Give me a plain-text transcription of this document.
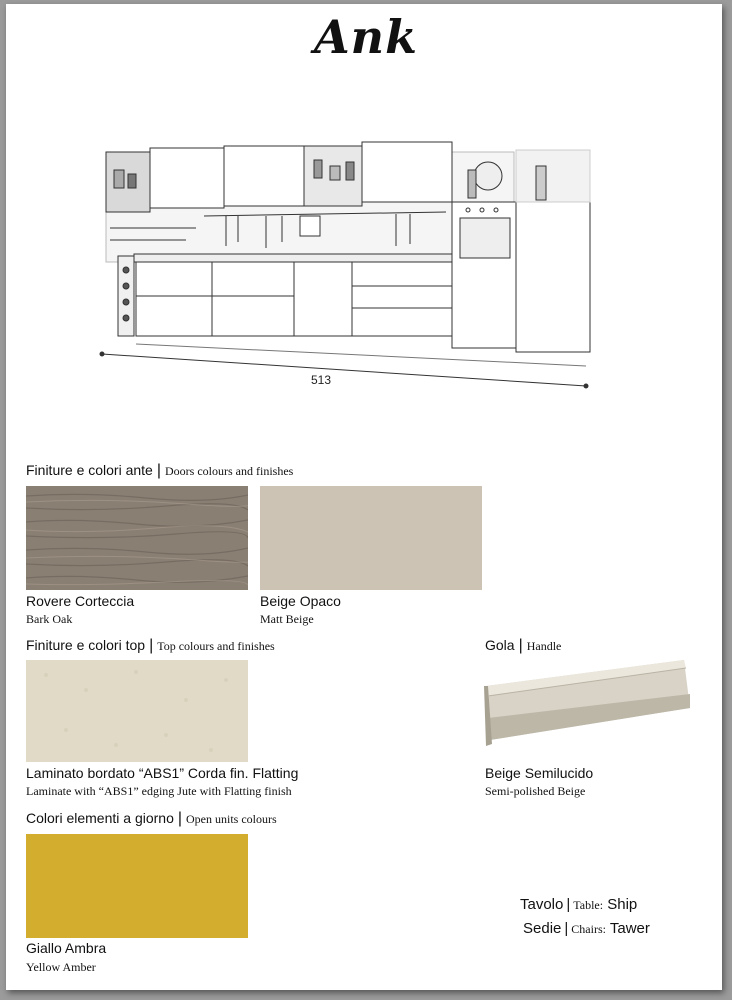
Ank
513
Finiture e colori ante | Doors colours and finishes
Rovere Corteccia
Bark Oak
Beige Opaco
Matt Beige
Finiture e colori top | Top colours and finishes
Laminato bordato “ABS1” Corda fin. Flatting
Laminate with “ABS1” edging Jute with Flatting finish
Gola | Handle
Beige Semilucido
Semi-polished Beige
Colori elementi a giorno | Open units colours
Giallo Ambra
Yellow Amber
Tavolo | Table: Ship
Sedie | Chairs: Tawer
